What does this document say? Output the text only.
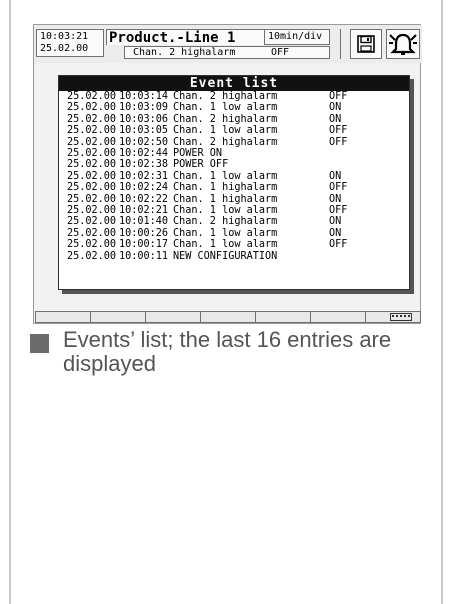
10:03:21
25.02.00
Product.-Line 1	10min/div
Chan. 2 highalarm	OFF
Event list
25.02.00 10:03:14 Chan. 2 highalarm	OFF
25.02.00 10:03:09 Chan. 1 low alarm	ON
25.02.00 10:03:06 Chan. 2 highalarm	ON
25.02.00 10:03:05 Chan. 1 low alarm	OFF
25.02.00 10:02:50 Chan. 2 highalarm	OFF
25.02.00 10:02:44 POWER ON
25.02.00 10:02:38 POWER OFF
25.02.00 10:02:31 Chan. 1 low alarm	ON
25.02.00 10:02:24 Chan. 1 highalarm	OFF
25.02.00 10:02:22 Chan. 1 highalarm	ON
25.02.00 10:02:21 Chan. 1 low alarm	OFF
25.02.00 10:01:40 Chan. 2 highalarm	ON
25.02.00 10:00:26 Chan. 1 low alarm	ON
25.02.00 10:00:17 Chan. 1 low alarm	OFF
25.02.00 10:00:11 NEW CONFIGURATION
Events’ list; the last 16 entries are displayed
